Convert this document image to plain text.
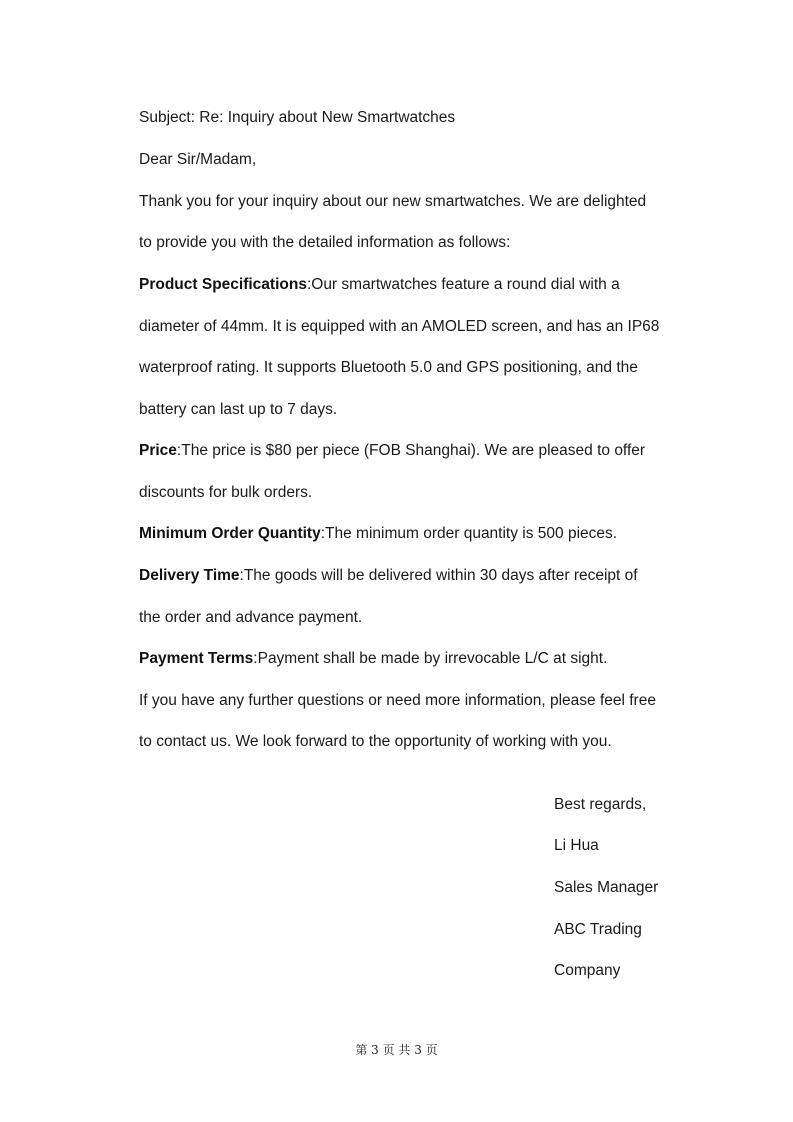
Subject: Re: Inquiry about New Smartwatches
Dear Sir/Madam,
Thank you for your inquiry about our new smartwatches. We are delighted
to provide you with the detailed information as follows:
Product Specifications:Our smartwatches feature a round dial with a
diameter of 44mm. It is equipped with an AMOLED screen, and has an IP68
waterproof rating. It supports Bluetooth 5.0 and GPS positioning, and the
battery can last up to 7 days.
Price:The price is $80 per piece (FOB Shanghai). We are pleased to offer
discounts for bulk orders.
Minimum Order Quantity:The minimum order quantity is 500 pieces.
Delivery Time:The goods will be delivered within 30 days after receipt of
the order and advance payment.
Payment Terms:Payment shall be made by irrevocable L/C at sight.
If you have any further questions or need more information, please feel free
to contact us. We look forward to the opportunity of working with you.
Best regards,
Li Hua
Sales Manager
ABC Trading
Company
第 3 页 共 3 页
